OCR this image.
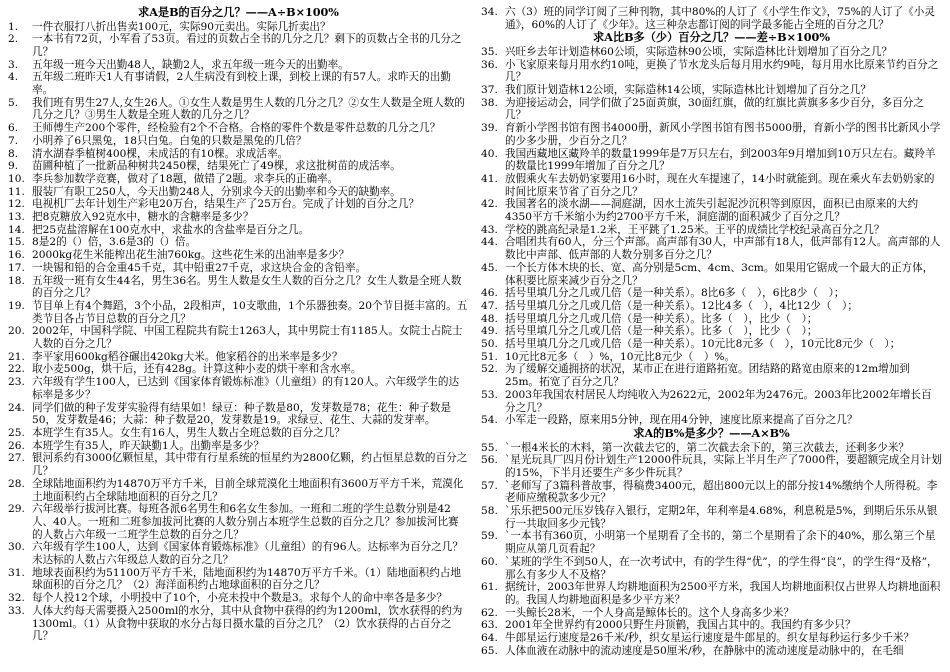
求A是B的百分之几？——A÷B×100%
1.	一件衣服打八折出售卖100元，实际90元卖出。实际几折卖出？
2.	一本书有72页，小军看了53页。看过的页数占全书的几分之几？剩下的页数占全书的几分之几？
3.	五年级一班今天出勤48人，缺勤2人，求五年级一班今天的出勤率。
4.	五年级二班昨天1人有事请假，2人生病没有到校上课，到校上课的有57人。求昨天的出勤率。
5.	我们班有男生27人,女生26人。①女生人数是男生人数的几分之几？②女生人数是全班人数的几分之几？③男生人数是全班人数的几分之几？
6.	王师傅生产200个零件，经检验有2个不合格。合格的零件个数是零件总数的几分之几？
7.	小明养了6只黑兔，18只白兔。白兔的只数是黑兔的几倍？
8.	清水湖春季植树400棵，未成活的有10棵。求成活率。
9.	苗圃种植了一批新品种树共2450棵，结果死亡了49棵，求这批树苗的成活率。
10. 李兵参加数学竞赛，做对了18题，做错了2题。求李兵的正确率。
11. 服装厂有职工250人，今天出勤248人，分别求今天的出勤率和今天的缺勤率。
12. 电视机厂去年计划生产彩电20万台，结果生产了25万台。完成了计划的百分之几？
13. 把8克糖放入92克水中，糖水的含糖率是多少？
14. 把25克盐溶解在100克水中，求盐水的含盐率是百分之几。
15. 8是2的（）倍，3.6是3的（）倍。
16. 2000kg花生米能榨出花生油760kg。这些花生米的出油率是多少？
17. 一块锡和铅的合金重45千克，其中铅重27千克，求这块合金的含铅率。
18. 五年级一班有女生44名，男生36名。男生人数是女生人数的百分之几？女生人数是全班人数的百分之几？
19. 节目单上有4个舞蹈，3个小品，2段相声，10支歌曲，1个乐器独奏。20个节目挺丰富的。五类节目各占节目总数的百分之几？
20. 2002年，中国科学院、中国工程院共有院士1263人，其中男院士有1185人。女院士占院士人数的百分之几？
21. 李平家用600kg稻谷碾出420kg大米。他家稻谷的出米率是多少？
22. 取小麦500g，烘干后，还有428g。计算这种小麦的烘干率和含水率。
23. 六年级有学生100人，已达到《国家体育锻炼标准》（儿童组）的有120人。六年级学生的达标率是多少？
24. 同学们做的种子发芽实验得有结果如！绿豆：种子数是80，发芽数是78；花生：种子数是50，发芽数是46；大蒜：种子数是20，发芽数是19。求绿豆、花生、大蒜的发芽率。
25. 本班学生有35人。女生有16人，男生人数占全班总数的百分之几？
26. 本班学生有35人，昨天缺勤1人。出勤率是多少？
27. 银河系约有3000亿颗恒星，其中带有行星系统的恒星约为2800亿颗，约占恒星总数的百分之几？
28. 全球陆地面积约为14870万平方千米，目前全球荒漠化土地面积有3600万平方千米，荒漠化土地面积约占全球陆地面积的百分之几？
29. 六年级举行拔河比赛。每班各派6名男生和6名女生参加。一班和二班的学生总数分别是42人、40人。一班和二班参加拔河比赛的人数分别占本班学生总数的百分之几？参加拔河比赛的人数占六年级一二班学生总数的百分之几？
30. 六年级有学生100人，达到《国家体育锻炼标准》（儿童组）的有96人。达标率为百分之几？未达标的人数占六年级总人数的百分之几？
31. 地球表面积约为51100万平方千米，陆地面积约为14870万平方千米。（1）陆地面积约占地球面积的百分之几？（2）海洋面积约占地球面积的百分之几？
32. 每个人投12个球，小明投中了10个，小亮未投中个数是3。求每个人的命中率各是多少？
33. 人体大约每天需要摄入2500ml的水分，其中从食物中获得的约为1200ml，饮水获得的约为1300ml。（1）从食物中获取的水分占每日摄水量的百分之几？（2）饮水获得的占百分之几？
34. 六（3）班的同学订阅了三种刊物，其中80%的人订了《小学生作文》，75%的人订了《小灵通》，60%的人订了《少年》。这三种杂志都订阅的同学最多能占全班的百分之几？
求A比B多（少）百分之几？——差÷B×100%
35. 兴旺乡去年计划造林60公顷，实际造林90公顷，实际造林比计划增加了百分之几？
36. 小飞家原来每月用水约10吨，更换了节水龙头后每月用水约9吨，每月用水比原来节约百分之几？
37. 我们原计划造林12公顷，实际造林14公顷，实际造林比计划增加了百分之几？
38. 为迎接运动会，同学们做了25面黄旗，30面红旗，做的红旗比黄旗多多少百分，多百分之几？
39. 育新小学图书馆有图书4000册，新风小学图书馆有图书5000册，育新小学的图书比新风小学的少多少册，少百分之几？
40. 我国西藏地区藏羚羊的数量1999年是7万只左右，到2003年9月增加到10万只左右。藏羚羊的数量比1999年增加了百分之几？
41. 放假乘火车去奶奶家要用16小时，现在火车提速了，14小时就能到。现在乘火车去奶奶家的时间比原来节省了百分之几？
42. 我国著名的淡水湖——洞庭湖，因水土流失引起泥沙沉积等到原因，面积已由原来的大约4350平方千米缩小为约2700平方千米，洞庭湖的面积减少了百分之几？
43. 学校的跳高纪录是1.2米，王平跳了1.25米。王平的成绩比学校纪录高百分之几？
44. 合唱团共有60人，分三个声部。高声部有30人，中声部有18人，低声部有12人。高声部的人数比中声部、低声部的人数分别多百分之几？
45. 一个长方体木块的长、宽、高分别是5cm、4cm、3cm。如果用它锯成一个最大的正方体，体积要比原来减少百分之几？
46. 括号里填几分之几或几倍（是一种关系）。8比6多（　），6比8少（　）；
47. 括号里填几分之几或几倍（是一种关系）。12比4多（　），4比12少（　）；
48. 括号里填几分之几或几倍（是一种关系）。比多（　），比少（　）；
49. 括号里填几分之几或几倍（是一种关系）。比多（　），比少（　）；
50. 括号里填几分之几或几倍（是一种关系）。10元比8元多（　），10元比8元少（　）；
51. 10元比8元多（　）%，10元比8元少（　）%。
52. 为了缓解交通拥挤的状况，某市正在进行道路拓宽。团结路的路宽由原来的12m增加到25m。拓宽了百分之几？
53. 2003年我国农村居民人均纯收入为2622元，2002年为2476元。2003年比2002年增长百分之几？
54. 小军走一段路，原来用5分钟，现在用4分钟，速度比原来提高了百分之几？
求A的B%是多少？——A×B%
55. `一根4米长的木料，第一次截去它的，第二次截去余下的，第三次截去，还剩多少米？
56. `星光玩具厂四月份计划生产12000件玩具，实际上半月生产了7000件，要超额完成全月计划的15%，下半月还要生产多少件玩具？
57. `老师写了3篇科普故事，得稿费3400元，超出800元以上的部分按14%缴纳个人所得税。李老师应缴税款多少元？
58. `乐乐把500元压岁钱存入银行，定期2年，年利率是4.68%，利息税是5%，到期后乐乐从银行一共取回多少元钱？
59. `一本书有360页，小明第一个星期看了全书的，第二个星期看了余下的40%，那么第三个星期应从第几页看起？
60. `某班的学生不到50人，在一次考试中，有的学生得“优”，的学生得“良”，的学生得“及格”，那么有多少人不及格？
61. 据统计，2003年世界人均耕地面积为2500平方米，我国人均耕地面积仅占世界人均耕地面积的。我国人均耕地面积是多少平方米？
62. 一头鲸长28米，一个人身高是鲸体长的。这个人身高多少米？
63. 2001年全世界约有2000只野生丹顶鹤，我国占其中的。我国约有多少只？
64. 牛郎星运行速度是26千米/秒，织女星运行速度是牛郎星的。织女星每秒运行多少千米？
65. 人体血液在动脉中的流动速度是50厘米/秒，在静脉中的流动速度是动脉中的，在毛细
